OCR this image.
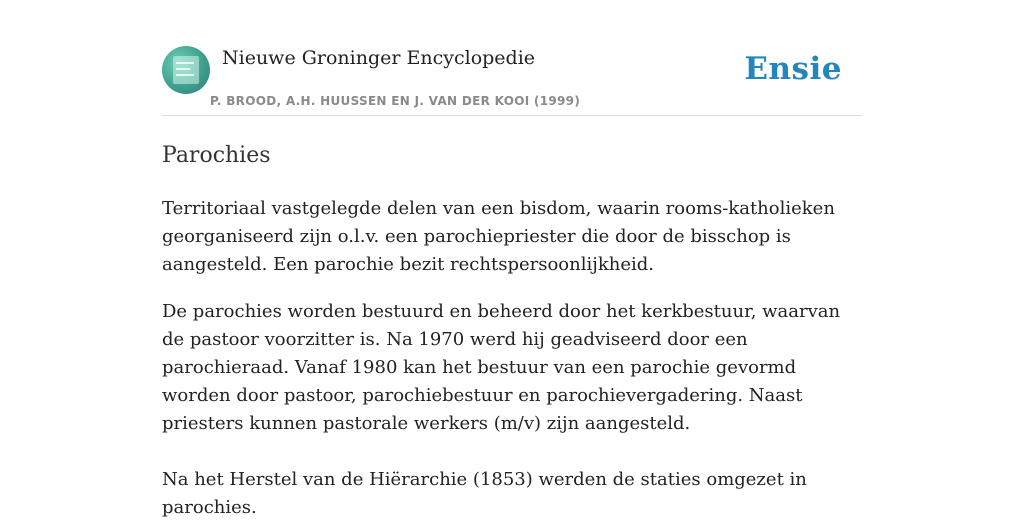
Nieuwe Groninger Encyclopedie
P. BROOD, A.H. HUUSSEN EN J. VAN DER KOOI (1999)
Ensie
Parochies

Territoriaal vastgelegde delen van een bisdom, waarin rooms-katholieken georganiseerd zijn o.l.v. een parochiepriester die door de bisschop is aangesteld. Een parochie bezit rechtspersoonlijkheid.

De parochies worden bestuurd en beheerd door het kerkbestuur, waarvan de pastoor voorzitter is. Na 1970 werd hij geadviseerd door een parochieraad. Vanaf 1980 kan het bestuur van een parochie gevormd worden door pastoor, parochiebestuur en parochievergadering. Naast priesters kunnen pastorale werkers (m/v) zijn aangesteld.

Na het Herstel van de Hiërarchie (1853) werden de staties omgezet in parochies.
